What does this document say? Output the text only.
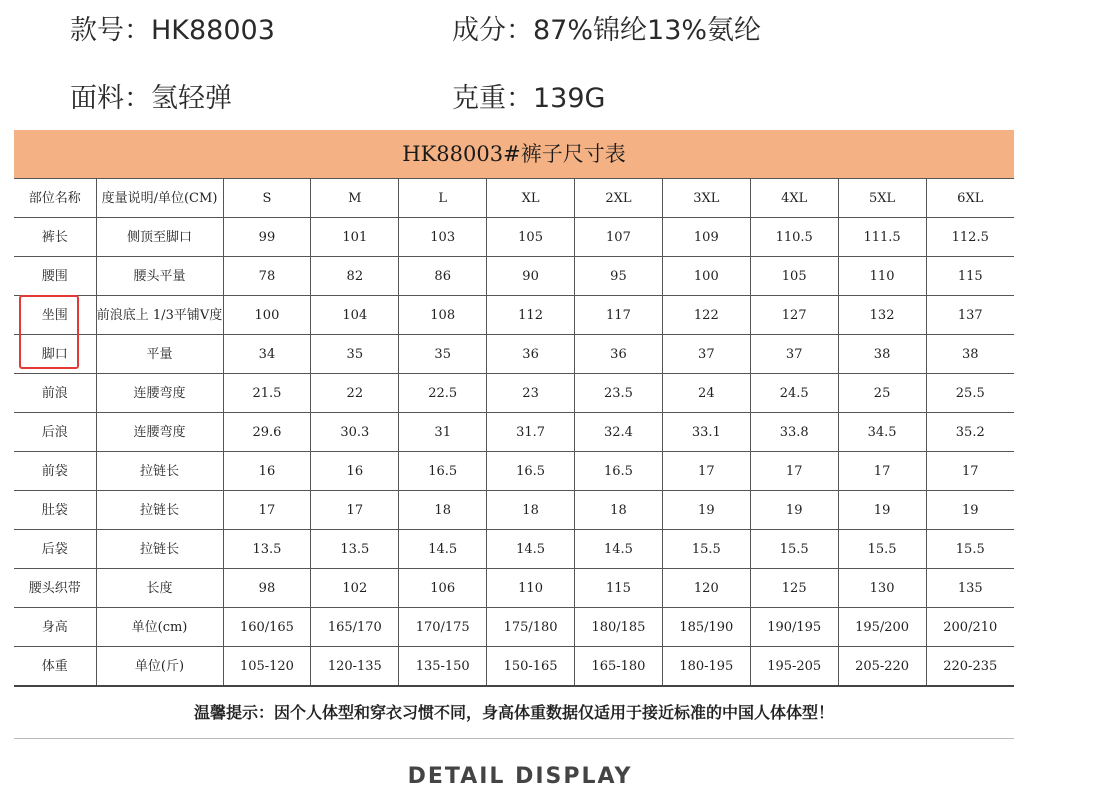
款号：HK88003	成分：87%锦纶13%氨纶
面料：氢轻弹	克重：139G
HK88003#裤子尺寸表
部位名称	度量说明/单位(CM)	S	M	L	XL	2XL	3XL	4XL	5XL	6XL
裤长	侧顶至脚口	99	101	103	105	107	109	110.5	111.5	112.5
腰围	腰头平量	78	82	86	90	95	100	105	110	115
坐围	前浪底上 1/3平铺V度	100	104	108	112	117	122	127	132	137
脚口	平量	34	35	35	36	36	37	37	38	38
前浪	连腰弯度	21.5	22	22.5	23	23.5	24	24.5	25	25.5
后浪	连腰弯度	29.6	30.3	31	31.7	32.4	33.1	33.8	34.5	35.2
前袋	拉链长	16	16	16.5	16.5	16.5	17	17	17	17
肚袋	拉链长	17	17	18	18	18	19	19	19	19
后袋	拉链长	13.5	13.5	14.5	14.5	14.5	15.5	15.5	15.5	15.5
腰头织带	长度	98	102	106	110	115	120	125	130	135
身高	单位(cm)	160/165	165/170	170/175	175/180	180/185	185/190	190/195	195/200	200/210
体重	单位(斤)	105-120	120-135	135-150	150-165	165-180	180-195	195-205	205-220	220-235
温馨提示：因个人体型和穿衣习惯不同，身高体重数据仅适用于接近标准的中国人体体型！
DETAIL DISPLAY
